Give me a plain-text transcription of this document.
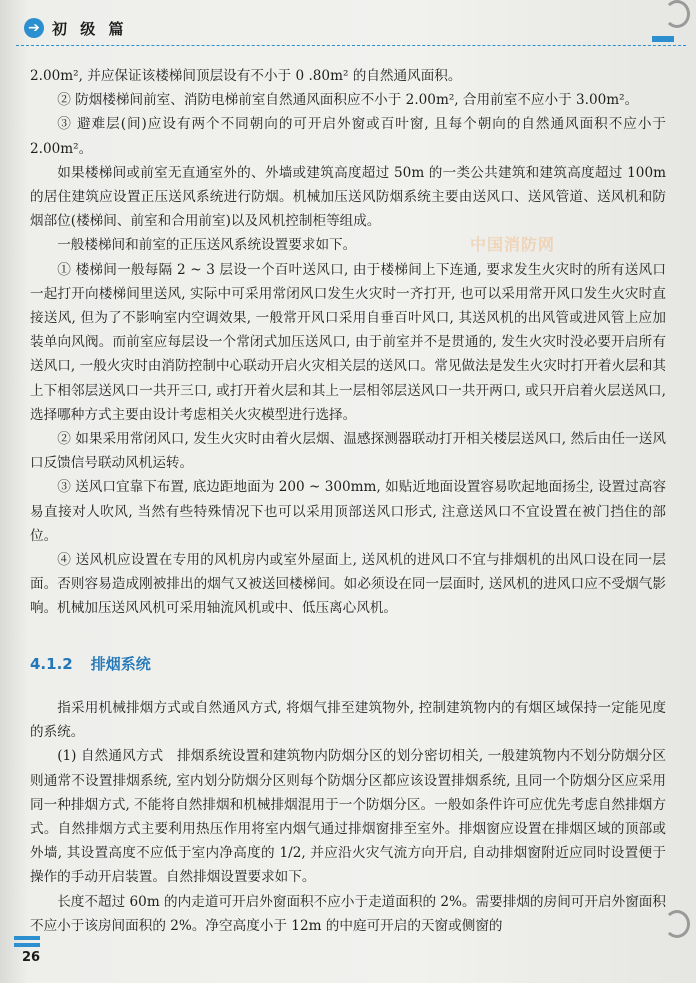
➔ 初 级 篇
中国消防网

2.00m², 并应保证该楼梯间顶层设有不小于 0 .80m² 的自然通风面积。

② 防烟楼梯间前室、消防电梯前室自然通风面积应不小于 2.00m², 合用前室不应小于 3.00m²。

③ 避难层(间)应设有两个不同朝向的可开启外窗或百叶窗, 且每个朝向的自然通风面积不应小于 2.00m²。

如果楼梯间或前室无直通室外的、外墙或建筑高度超过 50m 的一类公共建筑和建筑高度超过 100m 的居住建筑应设置正压送风系统进行防烟。机械加压送风防烟系统主要由送风口、送风管道、送风机和防烟部位(楼梯间、前室和合用前室)以及风机控制柜等组成。

一般楼梯间和前室的正压送风系统设置要求如下。

① 楼梯间一般每隔 2 ~ 3 层设一个百叶送风口, 由于楼梯间上下连通, 要求发生火灾时的所有送风口一起打开向楼梯间里送风, 实际中可采用常闭风口发生火灾时一齐打开, 也可以采用常开风口发生火灾时直接送风, 但为了不影响室内空调效果, 一般常开风口采用自垂百叶风口, 其送风机的出风管或进风管上应加装单向风阀。而前室应每层设一个常闭式加压送风口, 由于前室并不是贯通的, 发生火灾时没必要开启所有送风口, 一般火灾时由消防控制中心联动开启火灾相关层的送风口。常见做法是发生火灾时打开着火层和其上下相邻层送风口一共开三口, 或打开着火层和其上一层相邻层送风口一共开两口, 或只开启着火层送风口, 选择哪种方式主要由设计考虑相关火灾模型进行选择。

② 如果采用常闭风口, 发生火灾时由着火层烟、温感探测器联动打开相关楼层送风口, 然后由任一送风口反馈信号联动风机运转。

③ 送风口宜靠下布置, 底边距地面为 200 ~ 300mm, 如贴近地面设置容易吹起地面扬尘, 设置过高容易直接对人吹风, 当然有些特殊情况下也可以采用顶部送风口形式, 注意送风口不宜设置在被门挡住的部位。

④ 送风机应设置在专用的风机房内或室外屋面上, 送风机的进风口不宜与排烟机的出风口设在同一层面。否则容易造成刚被排出的烟气又被送回楼梯间。如必须设在同一层面时, 送风机的进风口应不受烟气影响。机械加压送风风机可采用轴流风机或中、低压离心风机。

4.1.2 排烟系统

指采用机械排烟方式或自然通风方式, 将烟气排至建筑物外, 控制建筑物内的有烟区域保持一定能见度的系统。

(1) 自然通风方式　排烟系统设置和建筑物内防烟分区的划分密切相关, 一般建筑物内不划分防烟分区则通常不设置排烟系统, 室内划分防烟分区则每个防烟分区都应该设置排烟系统, 且同一个防烟分区应采用同一种排烟方式, 不能将自然排烟和机械排烟混用于一个防烟分区。一般如条件许可应优先考虑自然排烟方式。自然排烟方式主要利用热压作用将室内烟气通过排烟窗排至室外。排烟窗应设置在排烟区域的顶部或外墙, 其设置高度不应低于室内净高度的 1/2, 并应沿火灾气流方向开启, 自动排烟窗附近应同时设置便于操作的手动开启装置。自然排烟设置要求如下。

长度不超过 60m 的内走道可开启外窗面积不应小于走道面积的 2%。需要排烟的房间可开启外窗面积不应小于该房间面积的 2%。净空高度小于 12m 的中庭可开启的天窗或侧窗的

26
